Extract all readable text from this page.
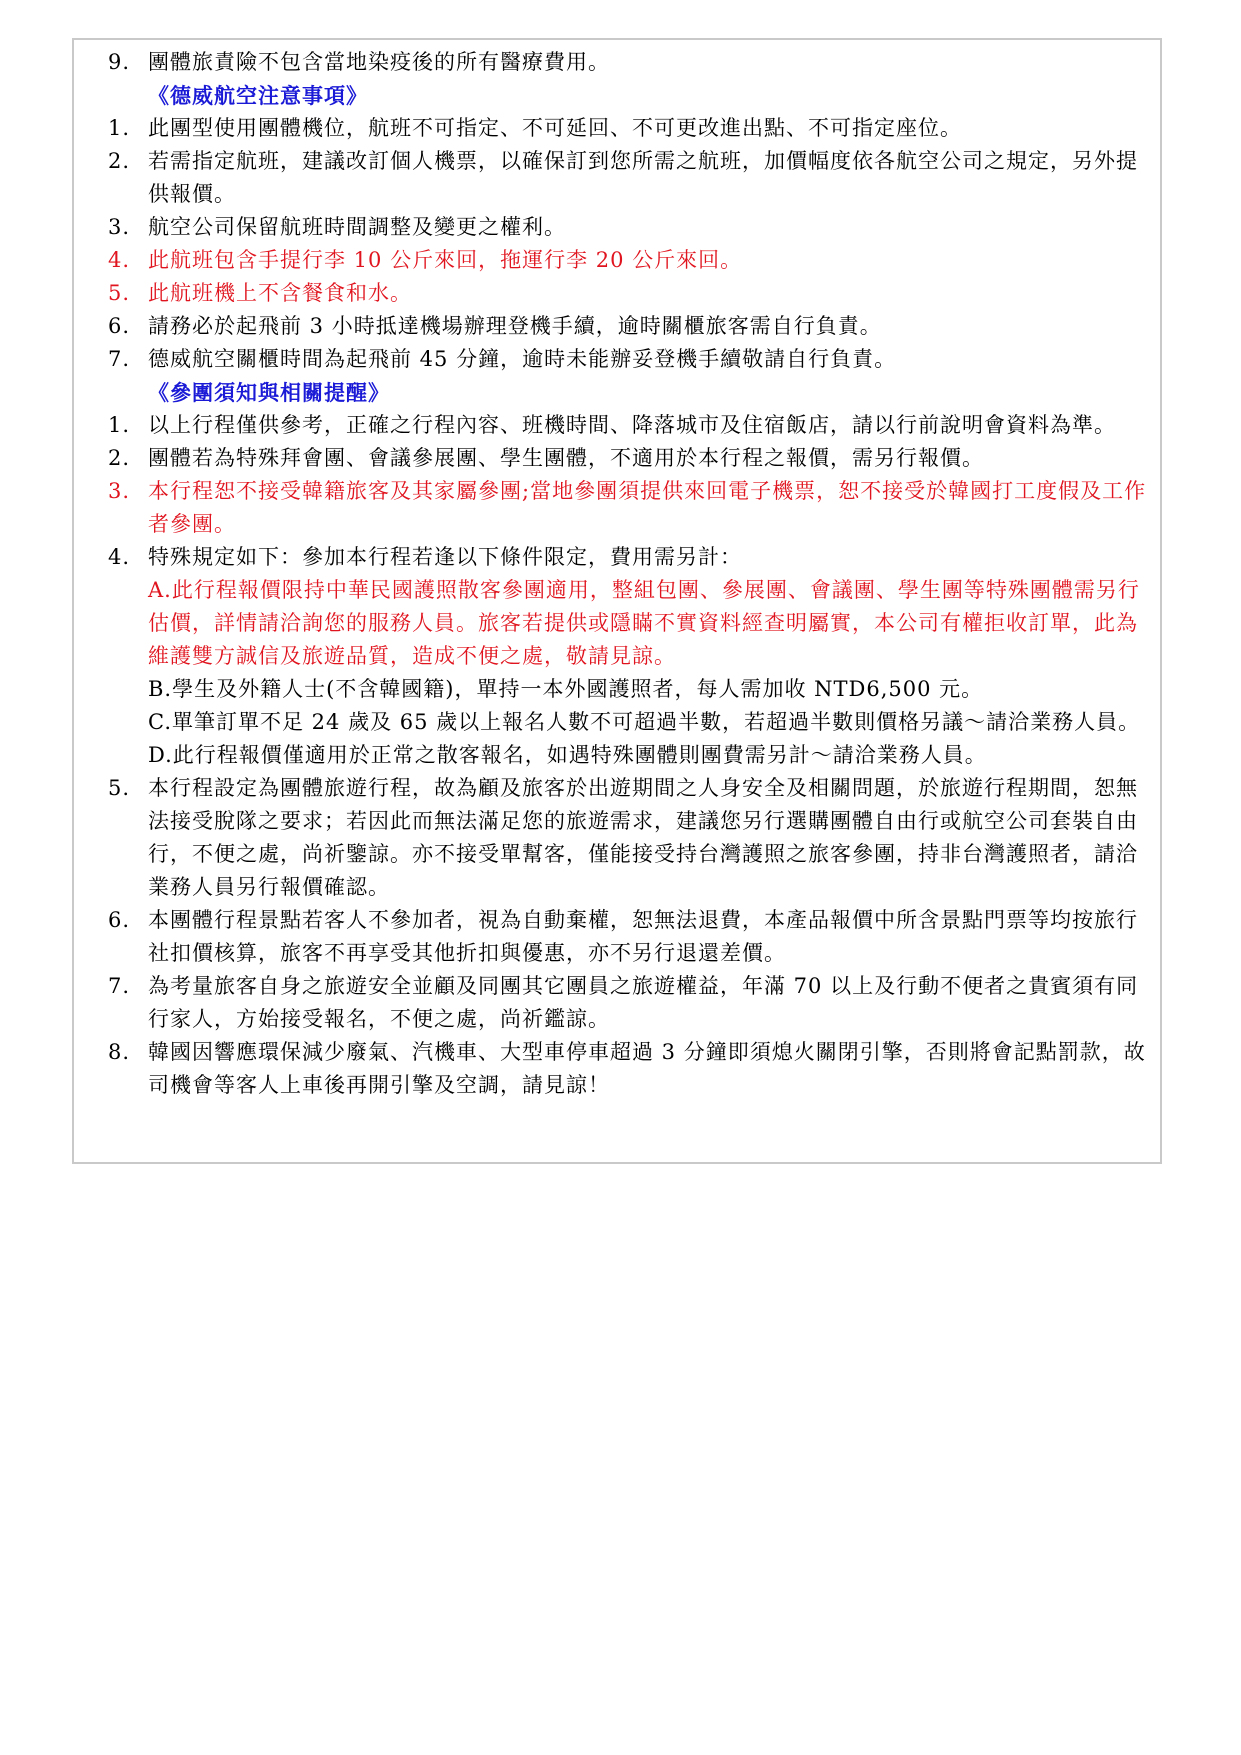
9. 團體旅責險不包含當地染疫後的所有醫療費用。
《德威航空注意事項》
1. 此團型使用團體機位，航班不可指定、不可延回、不可更改進出點、不可指定座位。
2. 若需指定航班，建議改訂個人機票，以確保訂到您所需之航班，加價幅度依各航空公司之規定，另外提供報價。
3. 航空公司保留航班時間調整及變更之權利。
4. 此航班包含手提行李 10 公斤來回，拖運行李 20 公斤來回。
5. 此航班機上不含餐食和水。
6. 請務必於起飛前 3 小時抵達機場辦理登機手續，逾時關櫃旅客需自行負責。
7. 德威航空關櫃時間為起飛前 45 分鐘，逾時未能辦妥登機手續敬請自行負責。
《參團須知與相關提醒》
1. 以上行程僅供參考，正確之行程內容、班機時間、降落城市及住宿飯店，請以行前說明會資料為準。
2. 團體若為特殊拜會團、會議參展團、學生團體，不適用於本行程之報價，需另行報價。
3. 本行程恕不接受韓籍旅客及其家屬參團;當地參團須提供來回電子機票，恕不接受於韓國打工度假及工作者參團。
4. 特殊規定如下：參加本行程若逢以下條件限定，費用需另計：
A.此行程報價限持中華民國護照散客參團適用，整組包團、參展團、會議團、學生團等特殊團體需另行估價，詳情請洽詢您的服務人員。旅客若提供或隱瞞不實資料經查明屬實，本公司有權拒收訂單，此為維護雙方誠信及旅遊品質，造成不便之處，敬請見諒。
B.學生及外籍人士(不含韓國籍)，單持一本外國護照者，每人需加收 NTD6,500 元。
C.單筆訂單不足 24 歲及 65 歲以上報名人數不可超過半數，若超過半數則價格另議～請洽業務人員。
D.此行程報價僅適用於正常之散客報名，如遇特殊團體則團費需另計～請洽業務人員。
5. 本行程設定為團體旅遊行程，故為顧及旅客於出遊期間之人身安全及相關問題，於旅遊行程期間，恕無法接受脫隊之要求；若因此而無法滿足您的旅遊需求，建議您另行選購團體自由行或航空公司套裝自由行，不便之處，尚祈鑒諒。亦不接受單幫客，僅能接受持台灣護照之旅客參團，持非台灣護照者，請洽業務人員另行報價確認。
6. 本團體行程景點若客人不參加者，視為自動棄權，恕無法退費，本產品報價中所含景點門票等均按旅行社扣價核算，旅客不再享受其他折扣與優惠，亦不另行退還差價。
7. 為考量旅客自身之旅遊安全並顧及同團其它團員之旅遊權益，年滿 70 以上及行動不便者之貴賓須有同行家人，方始接受報名，不便之處，尚祈鑑諒。
8. 韓國因響應環保減少廢氣、汽機車、大型車停車超過 3 分鐘即須熄火關閉引擎，否則將會記點罰款，故司機會等客人上車後再開引擎及空調，請見諒！
